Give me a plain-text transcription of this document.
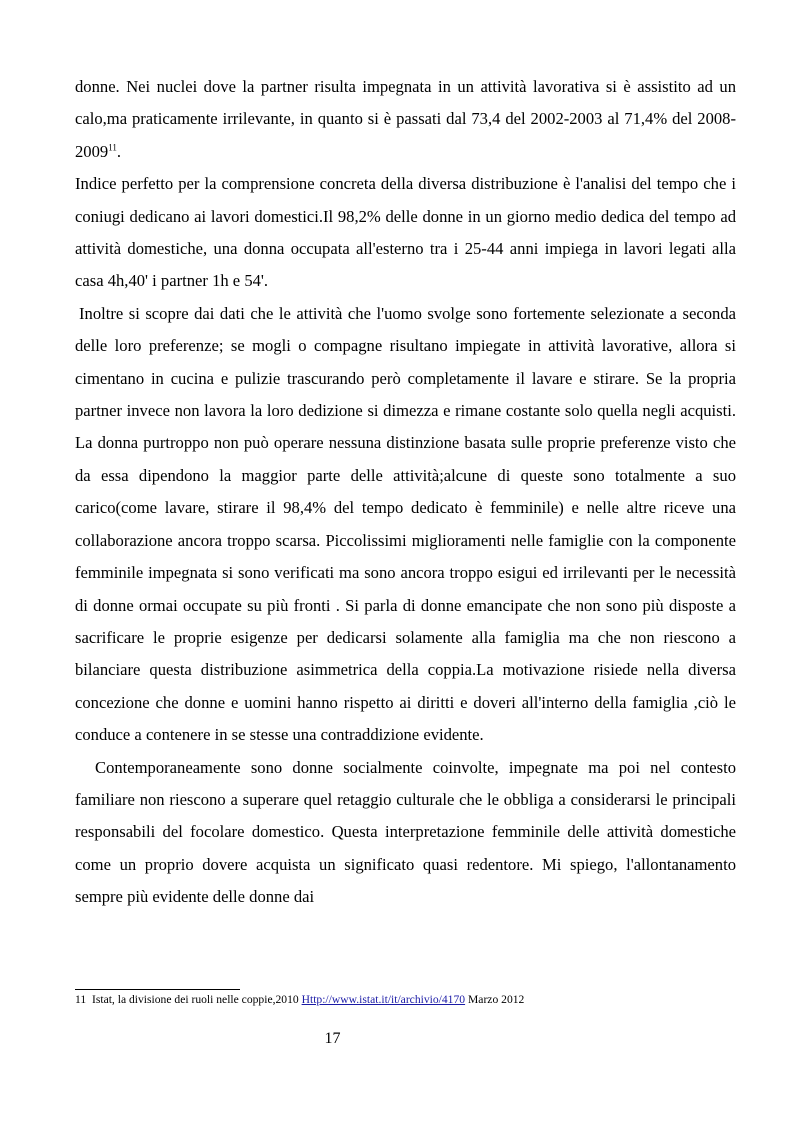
donne. Nei nuclei dove la partner risulta impegnata in un attività lavorativa si è assistito ad un calo,ma praticamente irrilevante, in quanto si è passati dal 73,4 del 2002-2003 al 71,4% del 2008-2009$^{11}$.

Indice perfetto per la comprensione concreta della diversa distribuzione è l'analisi del tempo che i coniugi dedicano ai lavori domestici.Il 98,2% delle donne in un giorno medio dedica del tempo ad attività domestiche, una donna occupata all'esterno tra i 25-44 anni impiega in lavori legati alla casa 4h,40' i partner 1h e 54'.

Inoltre si scopre dai dati che le attività che l'uomo svolge sono fortemente selezionate a seconda delle loro preferenze; se mogli o compagne risultano impiegate in attività lavorative, allora si cimentano in cucina e pulizie trascurando però completamente il lavare e stirare. Se la propria partner invece non lavora la loro dedizione si dimezza e rimane costante solo quella negli acquisti. La donna purtroppo non può operare nessuna distinzione basata sulle proprie preferenze visto che da essa dipendono la maggior parte delle attività;alcune di queste sono totalmente a suo carico(come lavare, stirare il 98,4% del tempo dedicato è femminile) e nelle altre riceve una collaborazione ancora troppo scarsa. Piccolissimi miglioramenti nelle famiglie con la componente femminile impegnata si sono verificati ma sono ancora troppo esigui ed irrilevanti per le necessità di donne ormai occupate su più fronti . Si parla di donne emancipate che non sono più disposte a sacrificare le proprie esigenze per dedicarsi solamente alla famiglia ma che non riescono a bilanciare questa distribuzione asimmetrica della coppia.La motivazione risiede nella diversa concezione che donne e uomini hanno rispetto ai diritti e doveri all'interno della famiglia ,ciò le conduce a contenere in se stesse una contraddizione evidente.

Contemporaneamente sono donne socialmente coinvolte, impegnate ma poi nel contesto familiare non riescono a superare quel retaggio culturale che le obbliga a considerarsi le principali responsabili del focolare domestico. Questa interpretazione femminile delle attività domestiche come un proprio dovere acquista un significato quasi redentore. Mi spiego, l'allontanamento sempre più evidente delle donne dai

11 Istat, la divisione dei ruoli nelle coppie,2010 Http://www.istat.it/it/archivio/4170 Marzo 2012
17
